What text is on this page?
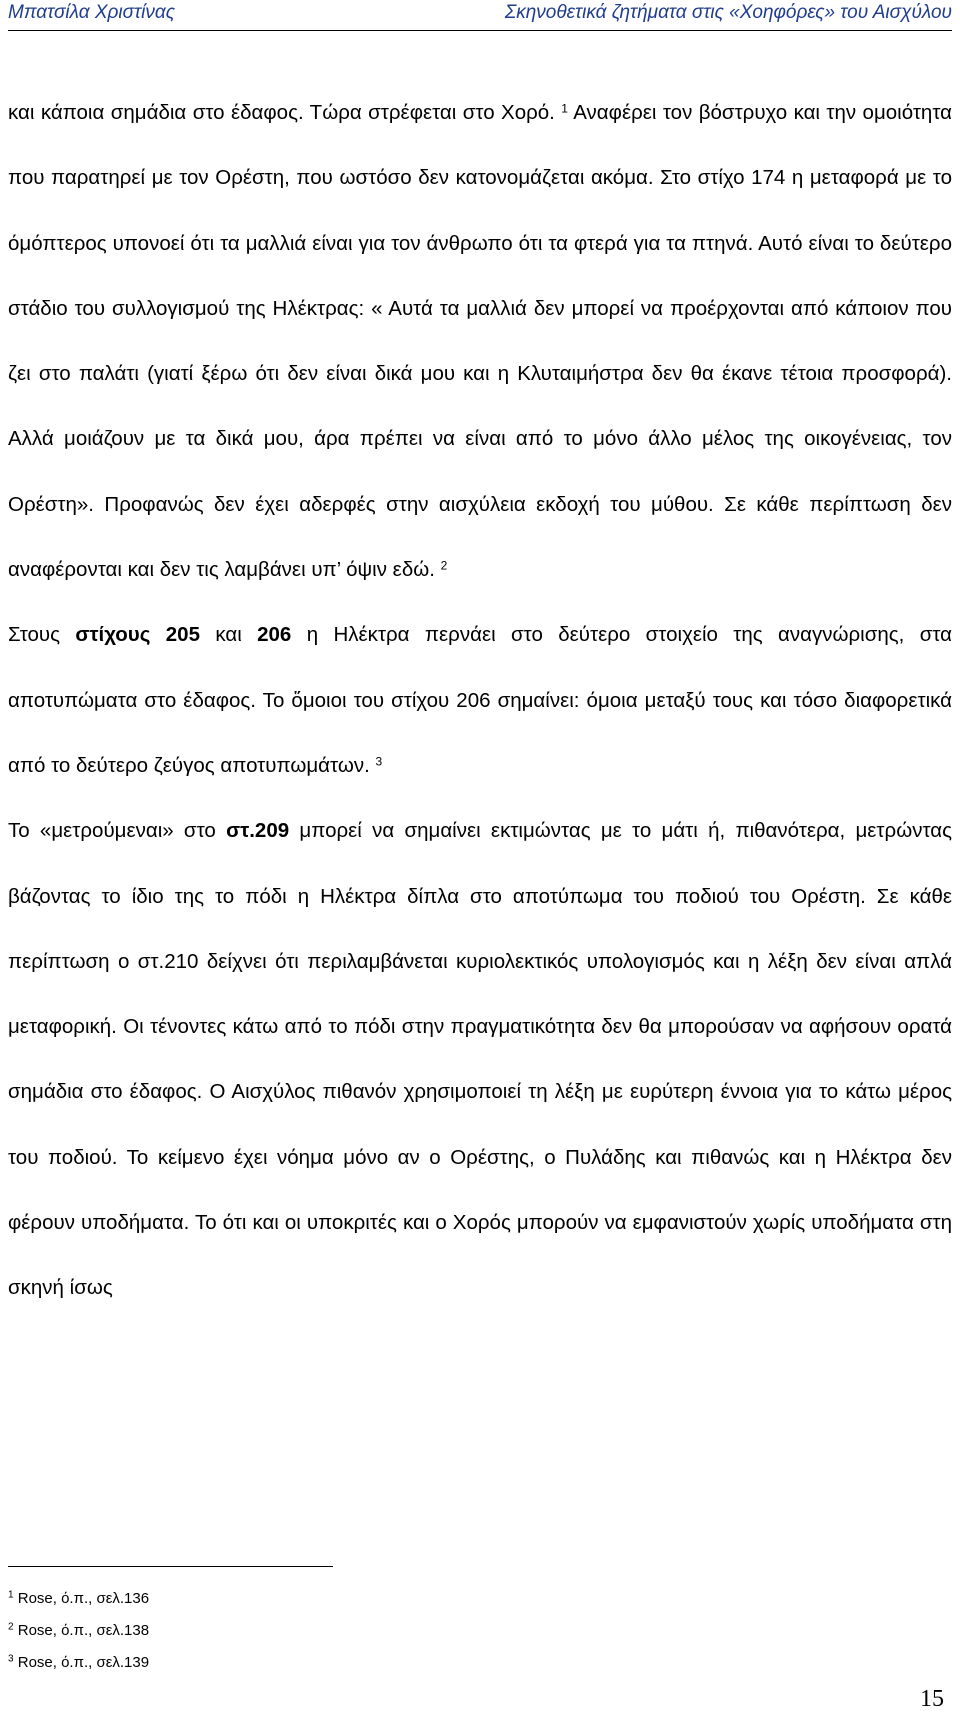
Μπατσίλα Χριστίνας	Σκηνοθετικά ζητήματα στις «Χοηφόρες» του Αισχύλου

και κάποια σημάδια στο έδαφος. Τώρα στρέφεται στο Χορό. $^1$ Αναφέρει τον βόστρυχο και την ομοιότητα που παρατηρεί με τον Ορέστη, που ωστόσο δεν κατονομάζεται ακόμα. Στο στίχο 174 η μεταφορά με το όμόπτερος υπονοεί ότι τα μαλλιά είναι για τον άνθρωπο ότι τα φτερά για τα πτηνά. Αυτό είναι το δεύτερο στάδιο του συλλογισμού της Ηλέκτρας: « Αυτά τα μαλλιά δεν μπορεί να προέρχονται από κάποιον που ζει στο παλάτι (γιατί ξέρω ότι δεν είναι δικά μου και η Κλυταιμήστρα δεν θα έκανε τέτοια προσφορά). Αλλά μοιάζουν με τα δικά μου, άρα πρέπει να είναι από το μόνο άλλο μέλος της οικογένειας, τον Ορέστη». Προφανώς δεν έχει αδερφές στην αισχύλεια εκδοχή του μύθου. Σε κάθε περίπτωση δεν αναφέρονται και δεν τις λαμβάνει υπ’ όψιν εδώ. $^2$

Στους στίχους 205 και 206 η Ηλέκτρα περνάει στο δεύτερο στοιχείο της αναγνώρισης, στα αποτυπώματα στο έδαφος. Το ὅμοιοι του στίχου 206 σημαίνει: όμοια μεταξύ τους και τόσο διαφορετικά από το δεύτερο ζεύγος αποτυπωμάτων. $^3$

Το «μετρούμεναι» στο στ.209 μπορεί να σημαίνει εκτιμώντας με το μάτι ή, πιθανότερα, μετρώντας βάζοντας το ίδιο της το πόδι η Ηλέκτρα δίπλα στο αποτύπωμα του ποδιού του Ορέστη. Σε κάθε περίπτωση ο στ.210 δείχνει ότι περιλαμβάνεται κυριολεκτικός υπολογισμός και η λέξη δεν είναι απλά μεταφορική. Οι τένοντες κάτω από το πόδι στην πραγματικότητα δεν θα μπορούσαν να αφήσουν ορατά σημάδια στο έδαφος. Ο Αισχύλος πιθανόν χρησιμοποιεί τη λέξη με ευρύτερη έννοια για το κάτω μέρος του ποδιού. Το κείμενο έχει νόημα μόνο αν ο Ορέστης, ο Πυλάδης και πιθανώς και η Ηλέκτρα δεν φέρουν υποδήματα. Το ότι και οι υποκριτές και ο Χορός μπορούν να εμφανιστούν χωρίς υποδήματα στη σκηνή ίσως

$^1$ Rose, ό.π., σελ.136
$^2$ Rose, ό.π., σελ.138
$^3$ Rose, ό.π., σελ.139
15
